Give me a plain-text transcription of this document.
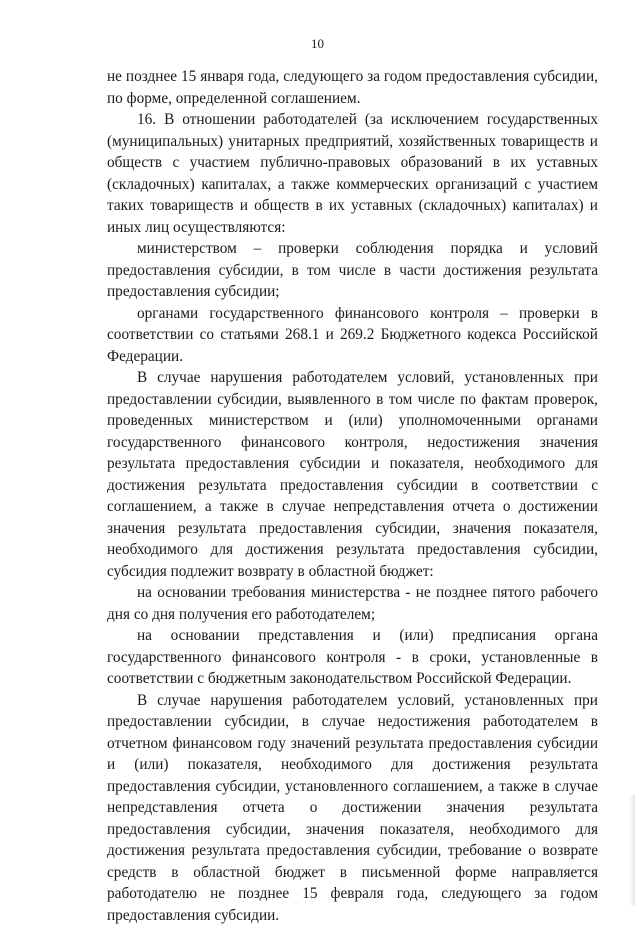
10

не позднее 15 января года, следующего за годом предоставления субсидии, по форме, определенной соглашением.

16. В отношении работодателей (за исключением государственных (муниципальных) унитарных предприятий, хозяйственных товариществ и обществ с участием публично-правовых образований в их уставных (складочных) капиталах, а также коммерческих организаций с участием таких товариществ и обществ в их уставных (складочных) капиталах) и иных лиц осуществляются:

министерством – проверки соблюдения порядка и условий предоставления субсидии, в том числе в части достижения результата предоставления субсидии;

органами государственного финансового контроля – проверки в соответствии со статьями 268.1 и 269.2 Бюджетного кодекса Российской Федерации.

В случае нарушения работодателем условий, установленных при предоставлении субсидии, выявленного в том числе по фактам проверок, проведенных министерством и (или) уполномоченными органами государственного финансового контроля, недостижения значения результата предоставления субсидии и показателя, необходимого для достижения результата предоставления субсидии в соответствии с соглашением, а также в случае непредставления отчета о достижении значения результата предоставления субсидии, значения показателя, необходимого для достижения результата предоставления субсидии, субсидия подлежит возврату в областной бюджет:

на основании требования министерства - не позднее пятого рабочего дня со дня получения его работодателем;

на основании представления и (или) предписания органа государственного финансового контроля - в сроки, установленные в соответствии с бюджетным законодательством Российской Федерации.

В случае нарушения работодателем условий, установленных при предоставлении субсидии, в случае недостижения работодателем в отчетном финансовом году значений результата предоставления субсидии и (или) показателя, необходимого для достижения результата предоставления субсидии, установленного соглашением, а также в случае непредставления отчета о достижении значения результата предоставления субсидии, значения показателя, необходимого для достижения результата предоставления субсидии, требование о возврате средств в областной бюджет в письменной форме направляется работодателю не позднее 15 февраля года, следующего за годом предоставления субсидии.
